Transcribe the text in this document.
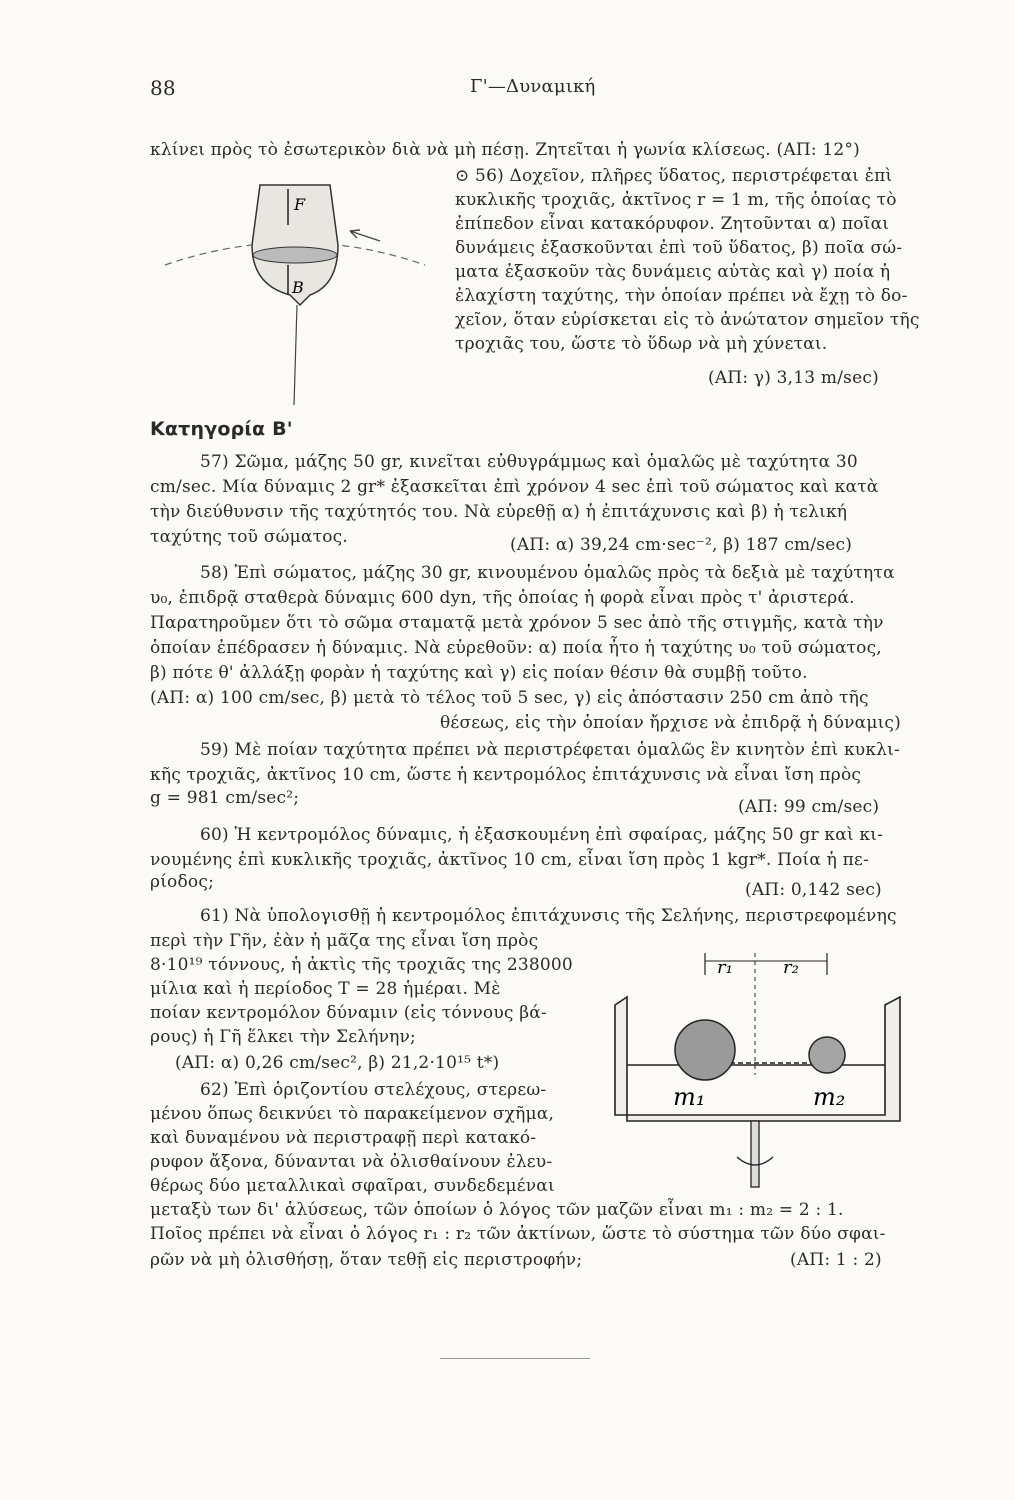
88	Γ'—Δυναμική
F
B
r₁	r₂
m₁	m₂
Κατηγορία Β'
κλίνει πρὸς τὸ ἐσωτερικὸν διὰ νὰ μὴ πέσῃ. Ζητεῖται ἡ γωνία κλίσεως. (ΑΠ: 12°)
⊙ 56) Δοχεῖον, πλῆρες ὕδατος, περιστρέφεται ἐπὶ
κυκλικῆς τροχιᾶς, ἀκτῖνος r = 1 m, τῆς ὁποίας τὸ
ἐπίπεδον εἶναι κατακόρυφον. Ζητοῦνται α) ποῖαι
δυνάμεις ἐξασκοῦνται ἐπὶ τοῦ ὕδατος, β) ποῖα σώ-
ματα ἐξασκοῦν τὰς δυνάμεις αὐτὰς καὶ γ) ποία ἡ
ἐλαχίστη ταχύτης, τὴν ὁποίαν πρέπει νὰ ἔχῃ τὸ δο-
χεῖον, ὅταν εὑρίσκεται εἰς τὸ ἀνώτατον σημεῖον τῆς
τροχιᾶς του, ὥστε τὸ ὕδωρ νὰ μὴ χύνεται.
(ΑΠ: γ) 3,13 m/sec)
57) Σῶμα, μάζης 50 gr, κινεῖται εὐθυγράμμως καὶ ὁμαλῶς μὲ ταχύτητα 30
cm/sec. Μία δύναμις 2 gr* ἐξασκεῖται ἐπὶ χρόνον 4 sec ἐπὶ τοῦ σώματος καὶ κατὰ
τὴν διεύθυνσιν τῆς ταχύτητός του. Νὰ εὑρεθῇ α) ἡ ἐπιτάχυνσις καὶ β) ἡ τελική
ταχύτης τοῦ σώματος.	(ΑΠ: α) 39,24 cm·sec⁻², β) 187 cm/sec)
58) Ἐπὶ σώματος, μάζης 30 gr, κινουμένου ὁμαλῶς πρὸς τὰ δεξιὰ μὲ ταχύτητα
υ₀, ἐπιδρᾷ σταθερὰ δύναμις 600 dyn, τῆς ὁποίας ἡ φορὰ εἶναι πρὸς τ' ἀριστερά.
Παρατηροῦμεν ὅτι τὸ σῶμα σταματᾷ μετὰ χρόνον 5 sec ἀπὸ τῆς στιγμῆς, κατὰ τὴν
ὁποίαν ἐπέδρασεν ἡ δύναμις. Νὰ εὑρεθοῦν: α) ποία ἦτο ἡ ταχύτης υ₀ τοῦ σώματος,
β) πότε θ' ἀλλάξῃ φορὰν ἡ ταχύτης καὶ γ) εἰς ποίαν θέσιν θὰ συμβῇ τοῦτο.
(ΑΠ: α) 100 cm/sec, β) μετὰ τὸ τέλος τοῦ 5 sec, γ) εἰς ἀπόστασιν 250 cm ἀπὸ τῆς
θέσεως, εἰς τὴν ὁποίαν ἤρχισε νὰ ἐπιδρᾷ ἡ δύναμις)
59) Μὲ ποίαν ταχύτητα πρέπει νὰ περιστρέφεται ὁμαλῶς ἓν κινητὸν ἐπὶ κυκλι-
κῆς τροχιᾶς, ἀκτῖνος 10 cm, ὥστε ἡ κεντρομόλος ἐπιτάχυνσις νὰ εἶναι ἴση πρὸς
g = 981 cm/sec²;	(ΑΠ: 99 cm/sec)
60) Ἡ κεντρομόλος δύναμις, ἡ ἐξασκουμένη ἐπὶ σφαίρας, μάζης 50 gr καὶ κι-
νουμένης ἐπὶ κυκλικῆς τροχιᾶς, ἀκτῖνος 10 cm, εἶναι ἴση πρὸς 1 kgr*. Ποία ἡ πε-
ρίοδος;	(ΑΠ: 0,142 sec)
61) Νὰ ὑπολογισθῇ ἡ κεντρομόλος ἐπιτάχυνσις τῆς Σελήνης, περιστρεφομένης
περὶ τὴν Γῆν, ἐὰν ἡ μᾶζα της εἶναι ἴση πρὸς
8·10¹⁹ τόννους, ἡ ἀκτὶς τῆς τροχιᾶς της 238000
μίλια καὶ ἡ περίοδος T = 28 ἡμέραι. Μὲ
ποίαν κεντρομόλον δύναμιν (εἰς τόννους βά-
ρους) ἡ Γῆ ἕλκει τὴν Σελήνην;
(ΑΠ: α) 0,26 cm/sec², β) 21,2·10¹⁵ t*)
62) Ἐπὶ ὁριζοντίου στελέχους, στερεω-
μένου ὅπως δεικνύει τὸ παρακείμενον σχῆμα,
καὶ δυναμένου νὰ περιστραφῇ περὶ κατακό-
ρυφον ἄξονα, δύνανται νὰ ὀλισθαίνουν ἐλευ-
θέρως δύο μεταλλικαὶ σφαῖραι, συνδεδεμέναι
μεταξὺ των δι' ἁλύσεως, τῶν ὁποίων ὁ λόγος τῶν μαζῶν εἶναι m₁ : m₂ = 2 : 1.
Ποῖος πρέπει νὰ εἶναι ὁ λόγος r₁ : r₂ τῶν ἀκτίνων, ὥστε τὸ σύστημα τῶν δύο σφαι-
ρῶν νὰ μὴ ὀλισθήσῃ, ὅταν τεθῇ εἰς περιστροφήν;	(ΑΠ: 1 : 2)
